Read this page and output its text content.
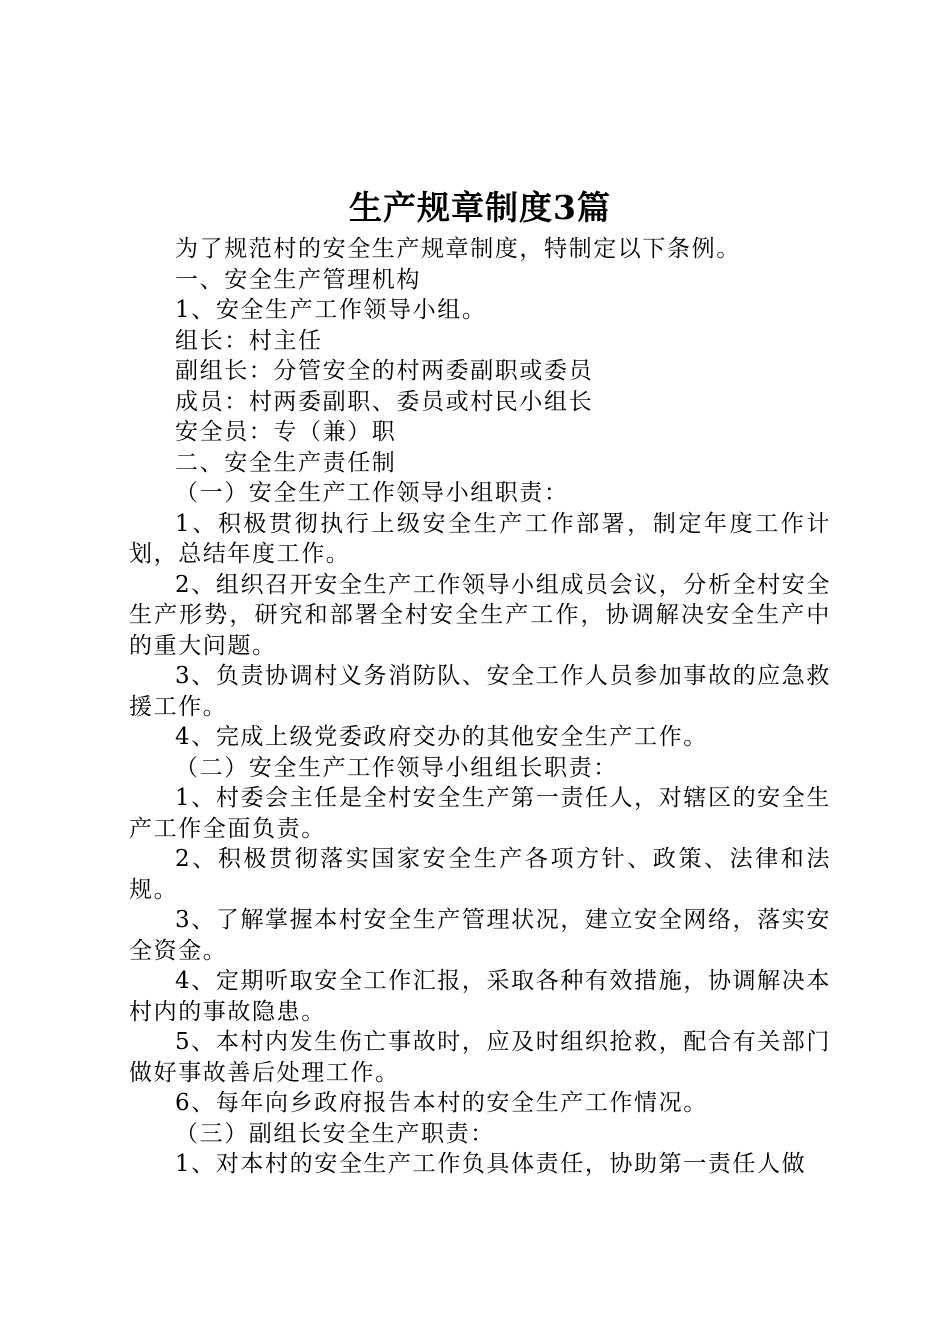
生产规章制度3篇

为了规范村的安全生产规章制度，特制定以下条例。

一、安全生产管理机构

1、安全生产工作领导小组。

组长：村主任

副组长：分管安全的村两委副职或委员

成员：村两委副职、委员或村民小组长

安全员：专（兼）职

二、安全生产责任制

（一）安全生产工作领导小组职责：

1、积极贯彻执行上级安全生产工作部署，制定年度工作计划，总结年度工作。

2、组织召开安全生产工作领导小组成员会议，分析全村安全生产形势，研究和部署全村安全生产工作，协调解决安全生产中的重大问题。

3、负责协调村义务消防队、安全工作人员参加事故的应急救援工作。

4、完成上级党委政府交办的其他安全生产工作。

（二）安全生产工作领导小组组长职责：

1、村委会主任是全村安全生产第一责任人，对辖区的安全生产工作全面负责。

2、积极贯彻落实国家安全生产各项方针、政策、法律和法规。

3、了解掌握本村安全生产管理状况，建立安全网络，落实安全资金。

4、定期听取安全工作汇报，采取各种有效措施，协调解决本村内的事故隐患。

5、本村内发生伤亡事故时，应及时组织抢救，配合有关部门做好事故善后处理工作。

6、每年向乡政府报告本村的安全生产工作情况。

（三）副组长安全生产职责：

1、对本村的安全生产工作负具体责任，协助第一责任人做
